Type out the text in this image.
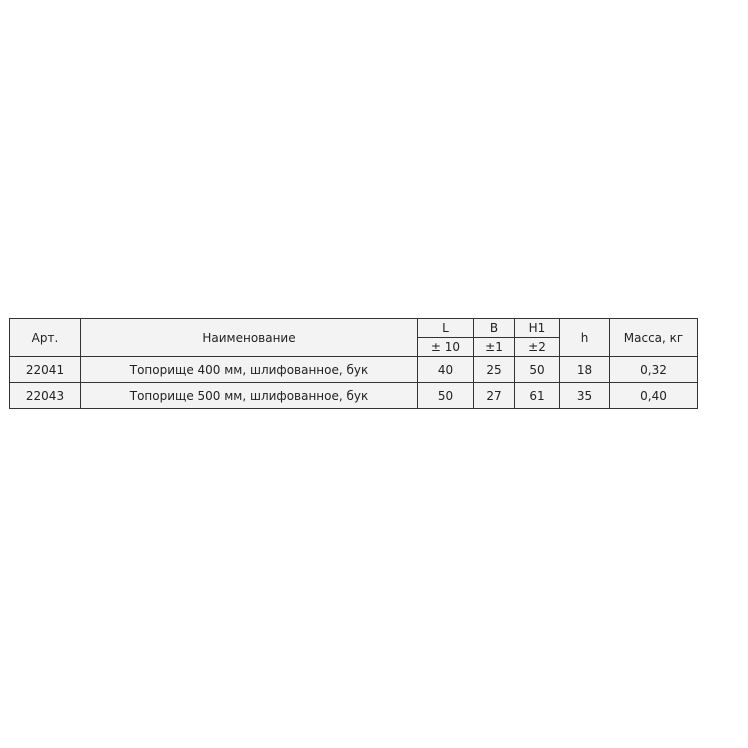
Арт.	Наименование	L	B	H1	h	Масса, кг
		± 10	±1	±2		
22041	Топорище 400 мм, шлифованное, бук	40	25	50	18	0,32
22043	Топорище 500 мм, шлифованное, бук	50	27	61	35	0,40
